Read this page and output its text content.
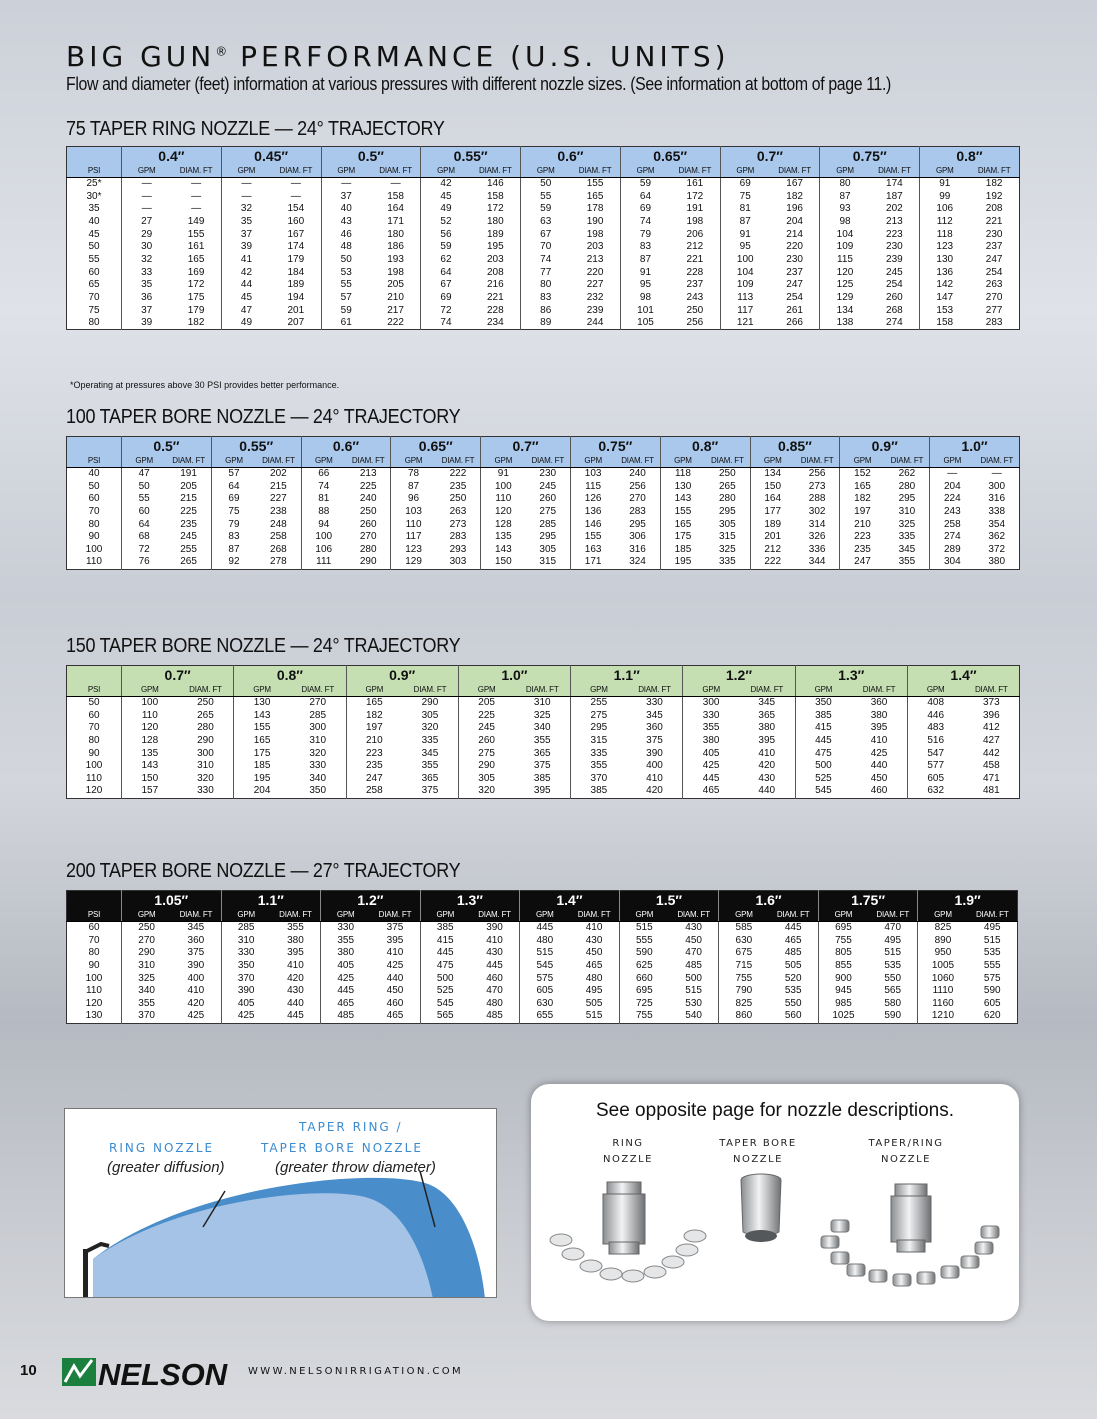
BIG GUN® PERFORMANCE (U.S. UNITS)
Flow and diameter (feet) information at various pressures with different nozzle sizes. (See information at bottom of page 11.)
75 TAPER RING NOZZLE — 24° TRAJECTORY
	0.4″		0.45″		0.5″		0.55″		0.6″		0.65″		0.7″		0.75″		0.8″	
PSI	GPM	DIAM. FT	GPM	DIAM. FT	GPM	DIAM. FT	GPM	DIAM. FT	GPM	DIAM. FT	GPM	DIAM. FT	GPM	DIAM. FT	GPM	DIAM. FT	GPM	DIAM. FT
25*	—	—	—	—	—	—	42	146	50	155	59	161	69	167	80	174	91	182
30*	—	—	—	—	37	158	45	158	55	165	64	172	75	182	87	187	99	192
35	—	—	32	154	40	164	49	172	59	178	69	191	81	196	93	202	106	208
40	27	149	35	160	43	171	52	180	63	190	74	198	87	204	98	213	112	221
45	29	155	37	167	46	180	56	189	67	198	79	206	91	214	104	223	118	230
50	30	161	39	174	48	186	59	195	70	203	83	212	95	220	109	230	123	237
55	32	165	41	179	50	193	62	203	74	213	87	221	100	230	115	239	130	247
60	33	169	42	184	53	198	64	208	77	220	91	228	104	237	120	245	136	254
65	35	172	44	189	55	205	67	216	80	227	95	237	109	247	125	254	142	263
70	36	175	45	194	57	210	69	221	83	232	98	243	113	254	129	260	147	270
75	37	179	47	201	59	217	72	228	86	239	101	250	117	261	134	268	153	277
80	39	182	49	207	61	222	74	234	89	244	105	256	121	266	138	274	158	283
*Operating at pressures above 30 PSI provides better performance.
100 TAPER BORE NOZZLE — 24° TRAJECTORY
	0.5″		0.55″		0.6″		0.65″		0.7″		0.75″		0.8″		0.85″		0.9″		1.0″	
PSI	GPM	DIAM. FT	GPM	DIAM. FT	GPM	DIAM. FT	GPM	DIAM. FT	GPM	DIAM. FT	GPM	DIAM. FT	GPM	DIAM. FT	GPM	DIAM. FT	GPM	DIAM. FT	GPM	DIAM. FT
40	47	191	57	202	66	213	78	222	91	230	103	240	118	250	134	256	152	262	—	—
50	50	205	64	215	74	225	87	235	100	245	115	256	130	265	150	273	165	280	204	300
60	55	215	69	227	81	240	96	250	110	260	126	270	143	280	164	288	182	295	224	316
70	60	225	75	238	88	250	103	263	120	275	136	283	155	295	177	302	197	310	243	338
80	64	235	79	248	94	260	110	273	128	285	146	295	165	305	189	314	210	325	258	354
90	68	245	83	258	100	270	117	283	135	295	155	306	175	315	201	326	223	335	274	362
100	72	255	87	268	106	280	123	293	143	305	163	316	185	325	212	336	235	345	289	372
110	76	265	92	278	111	290	129	303	150	315	171	324	195	335	222	344	247	355	304	380
150 TAPER BORE NOZZLE — 24° TRAJECTORY
	0.7″		0.8″		0.9″		1.0″		1.1″		1.2″		1.3″		1.4″	
PSI	GPM	DIAM. FT	GPM	DIAM. FT	GPM	DIAM. FT	GPM	DIAM. FT	GPM	DIAM. FT	GPM	DIAM. FT	GPM	DIAM. FT	GPM	DIAM. FT
50	100	250	130	270	165	290	205	310	255	330	300	345	350	360	408	373
60	110	265	143	285	182	305	225	325	275	345	330	365	385	380	446	396
70	120	280	155	300	197	320	245	340	295	360	355	380	415	395	483	412
80	128	290	165	310	210	335	260	355	315	375	380	395	445	410	516	427
90	135	300	175	320	223	345	275	365	335	390	405	410	475	425	547	442
100	143	310	185	330	235	355	290	375	355	400	425	420	500	440	577	458
110	150	320	195	340	247	365	305	385	370	410	445	430	525	450	605	471
120	157	330	204	350	258	375	320	395	385	420	465	440	545	460	632	481
200 TAPER BORE NOZZLE — 27° TRAJECTORY
	1.05″		1.1″		1.2″		1.3″		1.4″		1.5″		1.6″		1.75″		1.9″	
PSI	GPM	DIAM. FT	GPM	DIAM. FT	GPM	DIAM. FT	GPM	DIAM. FT	GPM	DIAM. FT	GPM	DIAM. FT	GPM	DIAM. FT	GPM	DIAM. FT	GPM	DIAM. FT
60	250	345	285	355	330	375	385	390	445	410	515	430	585	445	695	470	825	495
70	270	360	310	380	355	395	415	410	480	430	555	450	630	465	755	495	890	515
80	290	375	330	395	380	410	445	430	515	450	590	470	675	485	805	515	950	535
90	310	390	350	410	405	425	475	445	545	465	625	485	715	505	855	535	1005	555
100	325	400	370	420	425	440	500	460	575	480	660	500	755	520	900	550	1060	575
110	340	410	390	430	445	450	525	470	605	495	695	515	790	535	945	565	1110	590
120	355	420	405	440	465	460	545	480	630	505	725	530	825	550	985	580	1160	605
130	370	425	425	445	485	465	565	485	655	515	755	540	860	560	1025	590	1210	620
RING NOZZLE
(greater diffusion)
TAPER RING /
TAPER BORE NOZZLE
(greater throw diameter)
See opposite page for nozzle descriptions.
RING
NOZZLE
TAPER BORE
NOZZLE
TAPER/RING
NOZZLE
10 NELSON WWW.NELSONIRRIGATION.COM
